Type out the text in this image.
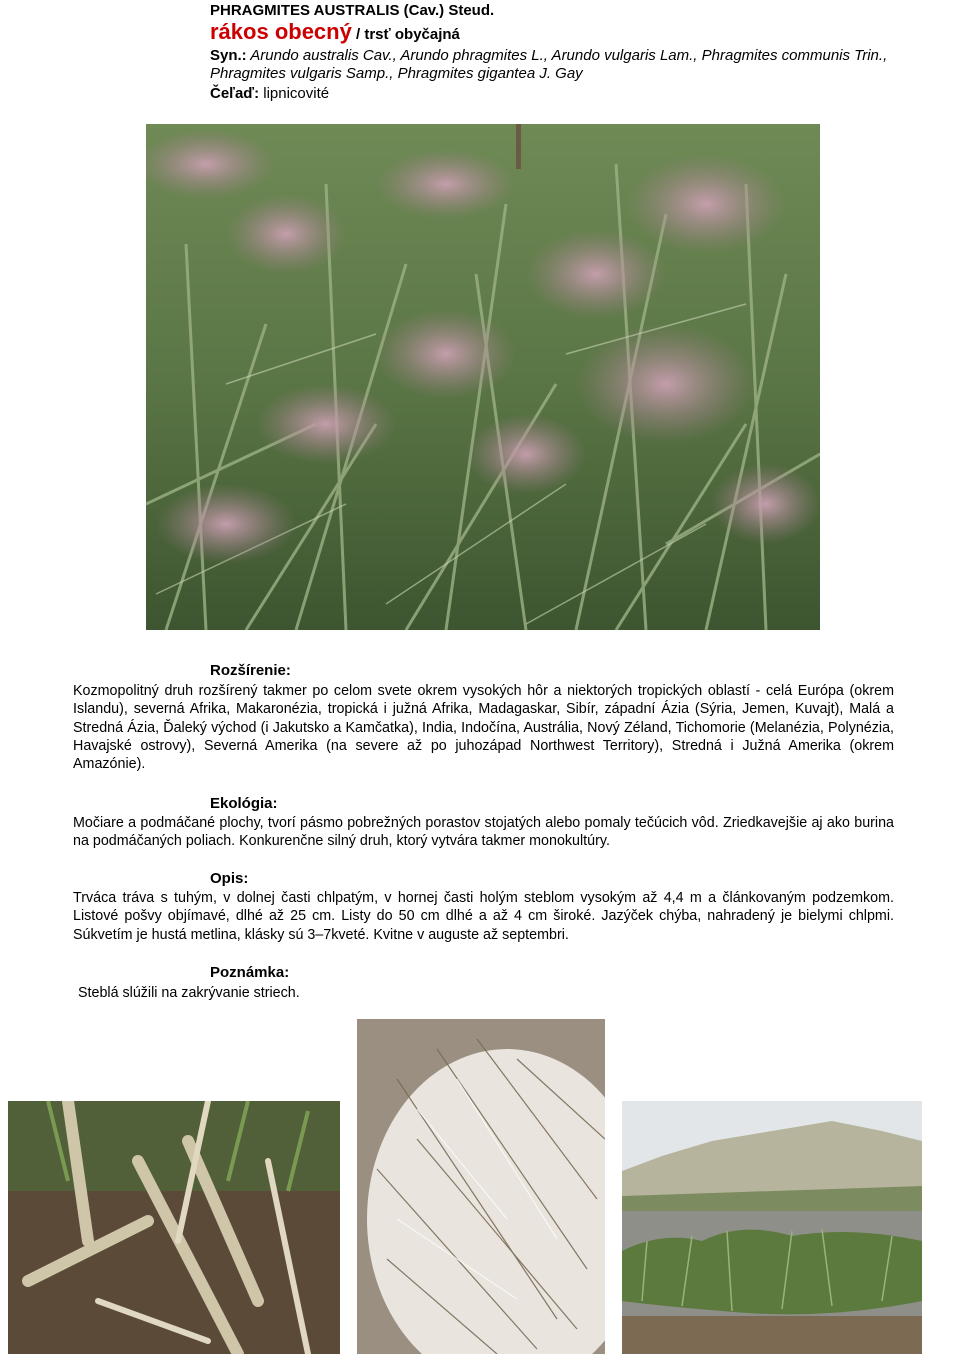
PHRAGMITES AUSTRALIS (Cav.) Steud.
rákos obecný / trsť obyčajná
Syn.: Arundo australis Cav., Arundo phragmites L., Arundo vulgaris Lam., Phragmites communis Trin.,
Phragmites vulgaris Samp., Phragmites gigantea J. Gay
Čeľaď: lipnicovité
Rozšírenie:
Kozmopolitný druh rozšírený takmer po celom svete okrem vysokých hôr a niektorých tropických oblastí - celá Európa (okrem Islandu), severná Afrika, Makaronézia, tropická i južná Afrika, Madagaskar, Sibír, západní Ázia (Sýria, Jemen, Kuvajt), Malá a Stredná Ázia, Ďaleký východ (i Jakutsko a Kamčatka), India, Indočína, Austrália, Nový Zéland, Tichomorie (Melanézia, Polynézia, Havajské ostrovy), Severná Amerika (na severe až po juhozápad Northwest Territory), Stredná i Južná Amerika (okrem Amazónie).
Ekológia:
Močiare a podmáčané plochy, tvorí pásmo pobrežných porastov stojatých alebo pomaly tečúcich vôd. Zriedkavejšie aj ako burina na podmáčaných poliach. Konkurenčne silný druh, ktorý vytvára takmer monokultúry.
Opis:
Trváca tráva s tuhým, v dolnej časti chlpatým, v hornej časti holým steblom vysokým až 4,4 m a článkovaným podzemkom. Listové pošvy objímavé, dlhé až 25 cm. Listy do 50 cm dlhé a až 4 cm široké. Jazýček chýba, nahradený je bielymi chlpmi. Súkvetím je hustá metlina, klásky sú 3–7kveté. Kvitne v auguste až septembri.
Poznámka:
Steblá slúžili na zakrývanie striech.
